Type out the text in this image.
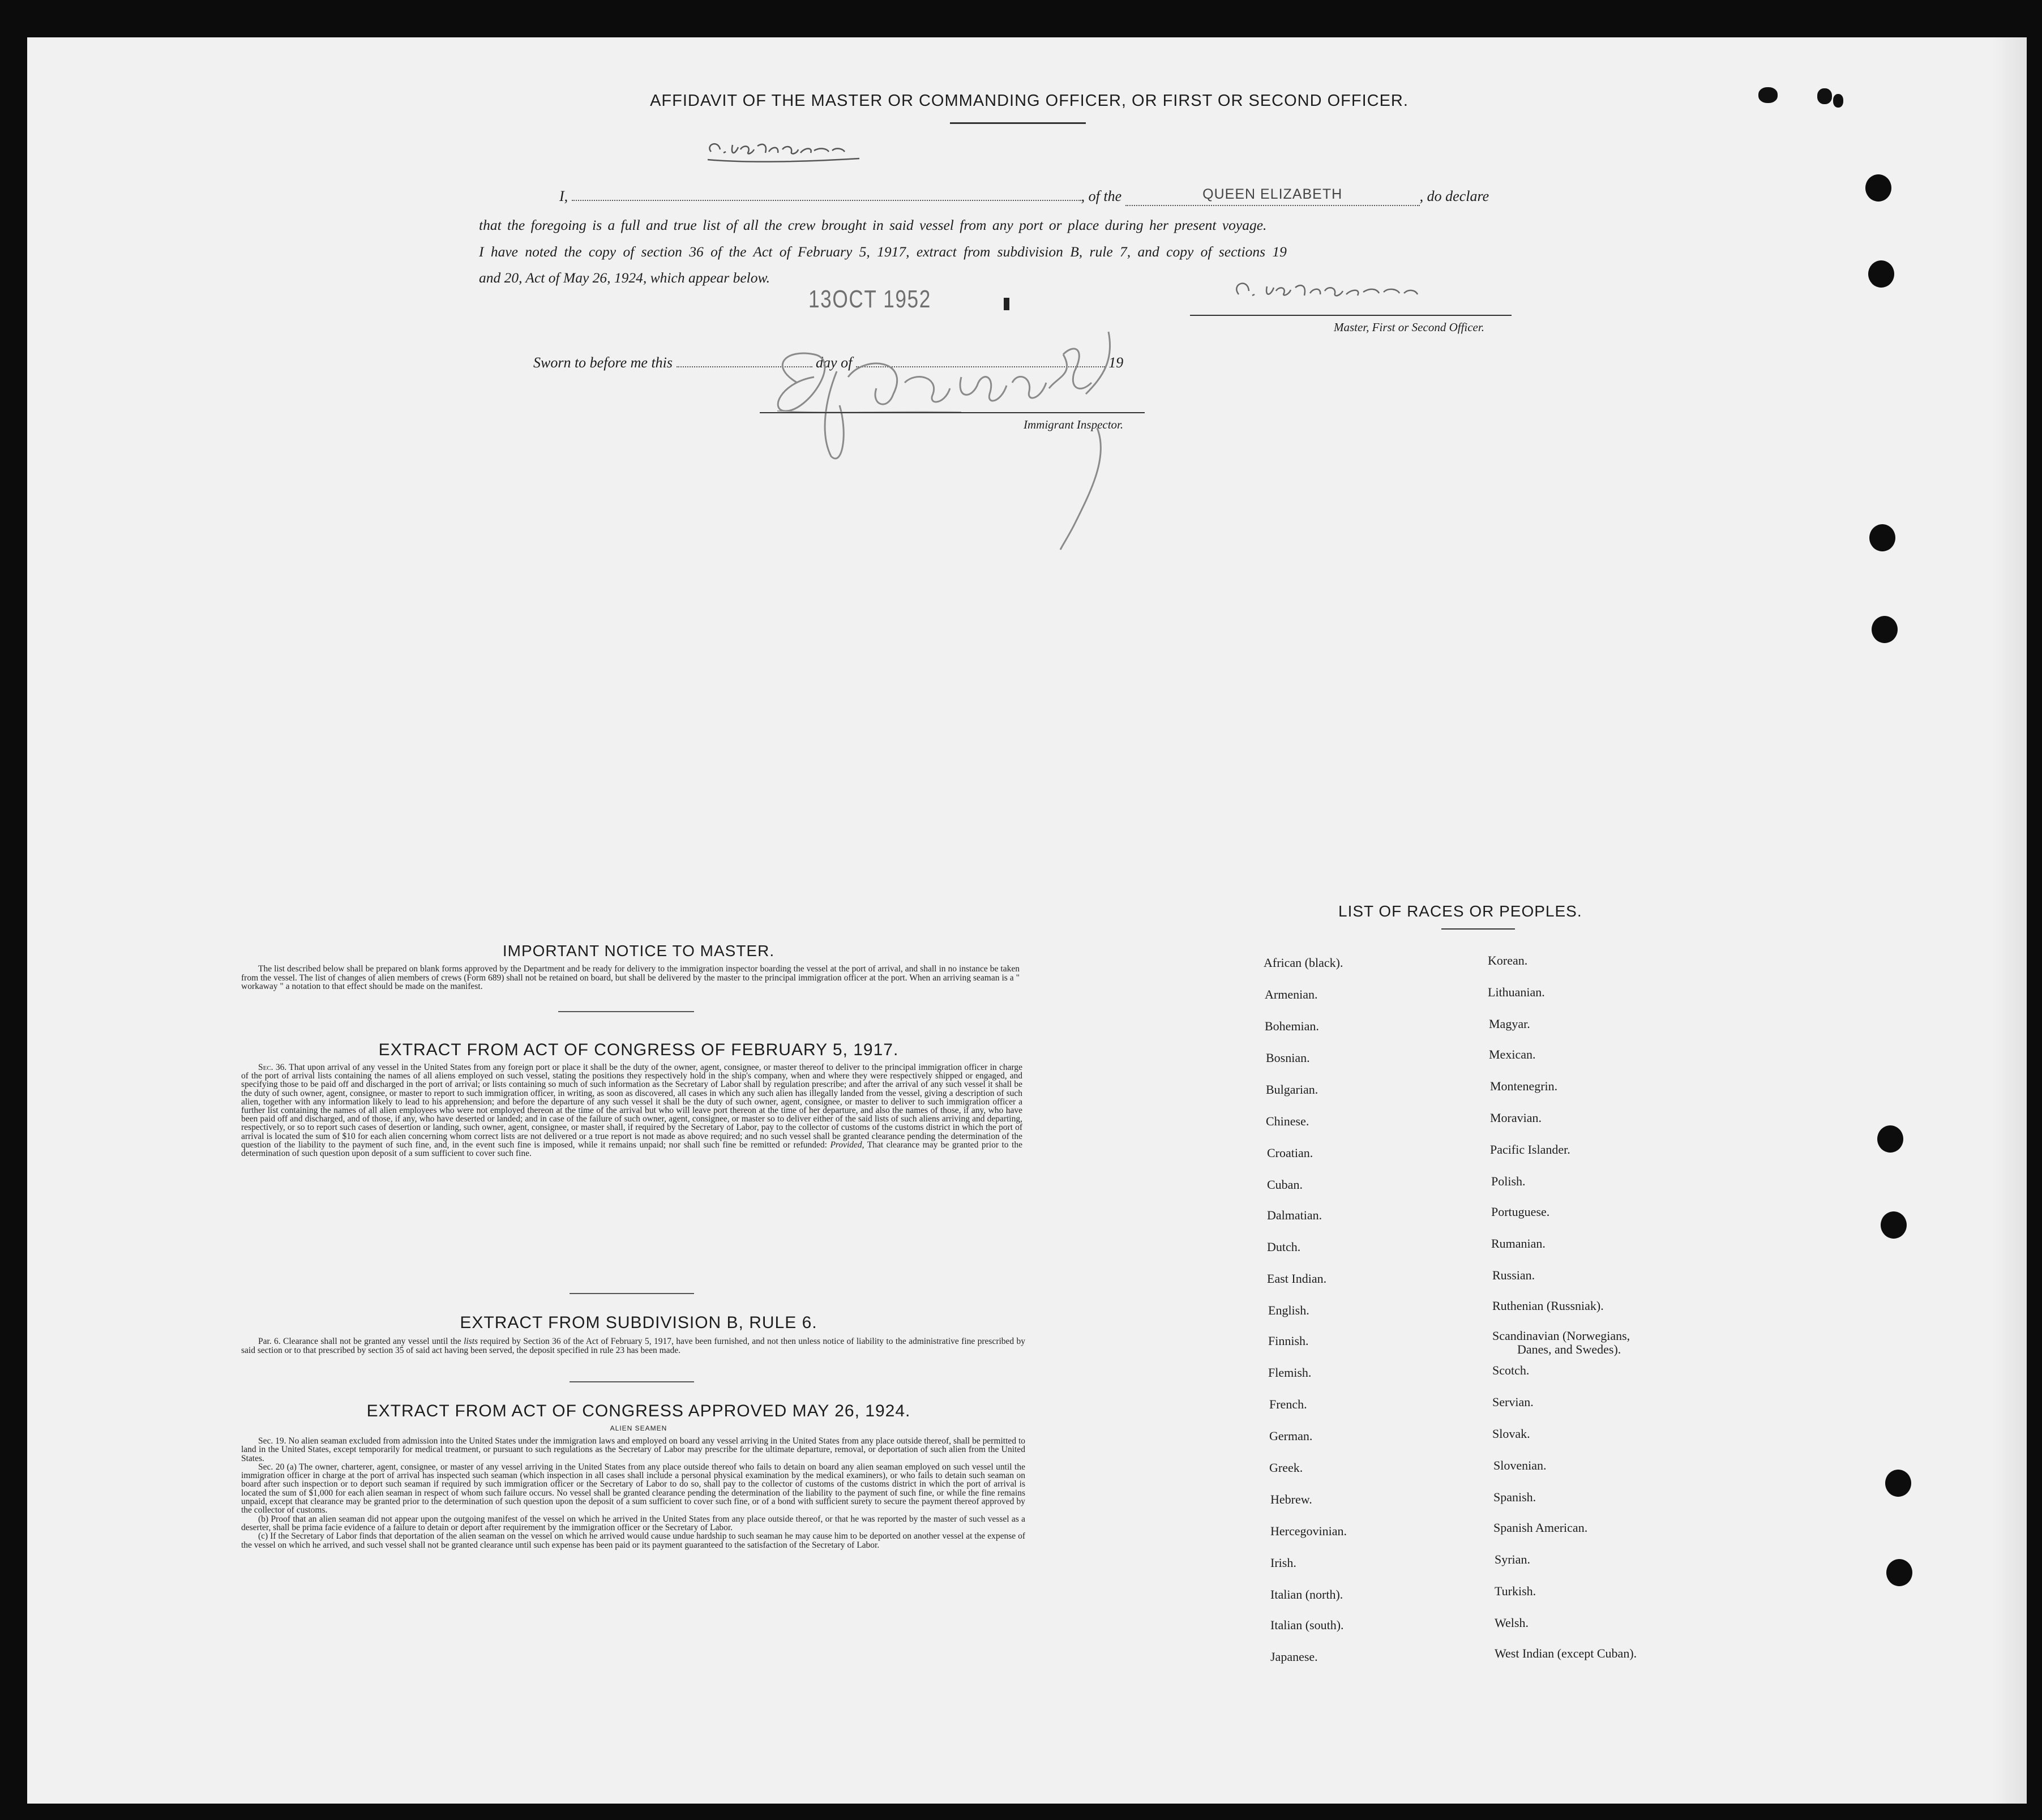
AFFIDAVIT OF THE MASTER OR COMMANDING OFFICER, OR FIRST OR SECOND OFFICER.
I,	, of the	QUEEN ELIZABETH	, do declare
that the foregoing is a full and true list of all the crew brought in said vessel from any port or place during her present voyage.
I have noted the copy of section 36 of the Act of February 5, 1917, extract from subdivision B, rule 7, and copy of sections 19
and 20, Act of May 26, 1924, which appear below.
13OCT 1952
Master, First or Second Officer.
Sworn to before me this	day of	19
Immigrant Inspector.
IMPORTANT NOTICE TO MASTER.

The list described below shall be prepared on blank forms approved by the Department and be ready for delivery to the immigration inspector boarding the vessel at the port of arrival, and shall in no instance be taken from the vessel. The list of changes of alien members of crews (Form 689) shall not be retained on board, but shall be delivered by the master to the principal immigration officer at the port. When an arriving seaman is a " workaway " a notation to that effect should be made on the manifest.

EXTRACT FROM ACT OF CONGRESS OF FEBRUARY 5, 1917.

Sec. 36. That upon arrival of any vessel in the United States from any foreign port or place it shall be the duty of the owner, agent, consignee, or master thereof to deliver to the principal immigration officer in charge of the port of arrival lists containing the names of all aliens employed on such vessel, stating the positions they respectively hold in the ship's company, when and where they were respectively shipped or engaged, and specifying those to be paid off and discharged in the port of arrival; or lists containing so much of such information as the Secretary of Labor shall by regulation prescribe; and after the arrival of any such vessel it shall be the duty of such owner, agent, consignee, or master to report to such immigration officer, in writing, as soon as discovered, all cases in which any such alien has illegally landed from the vessel, giving a description of such alien, together with any information likely to lead to his apprehension; and before the departure of any such vessel it shall be the duty of such owner, agent, consignee, or master to deliver to such immigration officer a further list containing the names of all alien employees who were not employed thereon at the time of the arrival but who will leave port thereon at the time of her departure, and also the names of those, if any, who have been paid off and discharged, and of those, if any, who have deserted or landed; and in case of the failure of such owner, agent, consignee, or master so to deliver either of the said lists of such aliens arriving and departing, respectively, or so to report such cases of desertion or landing, such owner, agent, consignee, or master shall, if required by the Secretary of Labor, pay to the collector of customs of the customs district in which the port of arrival is located the sum of $10 for each alien concerning whom correct lists are not delivered or a true report is not made as above required; and no such vessel shall be granted clearance pending the determination of the question of the liability to the payment of such fine, and, in the event such fine is imposed, while it remains unpaid; nor shall such fine be remitted or refunded: Provided, That clearance may be granted prior to the determination of such question upon deposit of a sum sufficient to cover such fine.

EXTRACT FROM SUBDIVISION B, RULE 6.

Par. 6. Clearance shall not be granted any vessel until the lists required by Section 36 of the Act of February 5, 1917, have been furnished, and not then unless notice of liability to the administrative fine prescribed by said section or to that prescribed by section 35 of said act having been served, the deposit specified in rule 23 has been made.

EXTRACT FROM ACT OF CONGRESS APPROVED MAY 26, 1924.
ALIEN SEAMEN

Sec. 19. No alien seaman excluded from admission into the United States under the immigration laws and employed on board any vessel arriving in the United States from any place outside thereof, shall be permitted to land in the United States, except temporarily for medical treatment, or pursuant to such regulations as the Secretary of Labor may prescribe for the ultimate departure, removal, or deportation of such alien from the United States.

Sec. 20 (a) The owner, charterer, agent, consignee, or master of any vessel arriving in the United States from any place outside thereof who fails to detain on board any alien seaman employed on such vessel until the immigration officer in charge at the port of arrival has inspected such seaman (which inspection in all cases shall include a personal physical examination by the medical examiners), or who fails to detain such seaman on board after such inspection or to deport such seaman if required by such immigration officer or the Secretary of Labor to do so, shall pay to the collector of customs of the customs district in which the port of arrival is located the sum of $1,000 for each alien seaman in respect of whom such failure occurs. No vessel shall be granted clearance pending the determination of the liability to the payment of such fine, or while the fine remains unpaid, except that clearance may be granted prior to the determination of such question upon the deposit of a sum sufficient to cover such fine, or of a bond with sufficient surety to secure the payment thereof approved by the collector of customs.

(b) Proof that an alien seaman did not appear upon the outgoing manifest of the vessel on which he arrived in the United States from any place outside thereof, or that he was reported by the master of such vessel as a deserter, shall be prima facie evidence of a failure to detain or deport after requirement by the immigration officer or the Secretary of Labor.

(c) If the Secretary of Labor finds that deportation of the alien seaman on the vessel on which he arrived would cause undue hardship to such seaman he may cause him to be deported on another vessel at the expense of the vessel on which he arrived, and such vessel shall not be granted clearance until such expense has been paid or its payment guaranteed to the satisfaction of the Secretary of Labor.

LIST OF RACES OR PEOPLES.
African (black).
Armenian.
Bohemian.
Bosnian.
Bulgarian.
Chinese.
Croatian.
Cuban.
Dalmatian.
Dutch.
East Indian.
English.
Finnish.
Flemish.
French.
German.
Greek.
Hebrew.
Hercegovinian.
Irish.
Italian (north).
Italian (south).
Japanese.
Korean.
Lithuanian.
Magyar.
Mexican.
Montenegrin.
Moravian.
Pacific Islander.
Polish.
Portuguese.
Rumanian.
Russian.
Ruthenian (Russniak).
Scandinavian (Norwegians,
Danes, and Swedes).
Scotch.
Servian.
Slovak.
Slovenian.
Spanish.
Spanish American.
Syrian.
Turkish.
Welsh.
West Indian (except Cuban).
